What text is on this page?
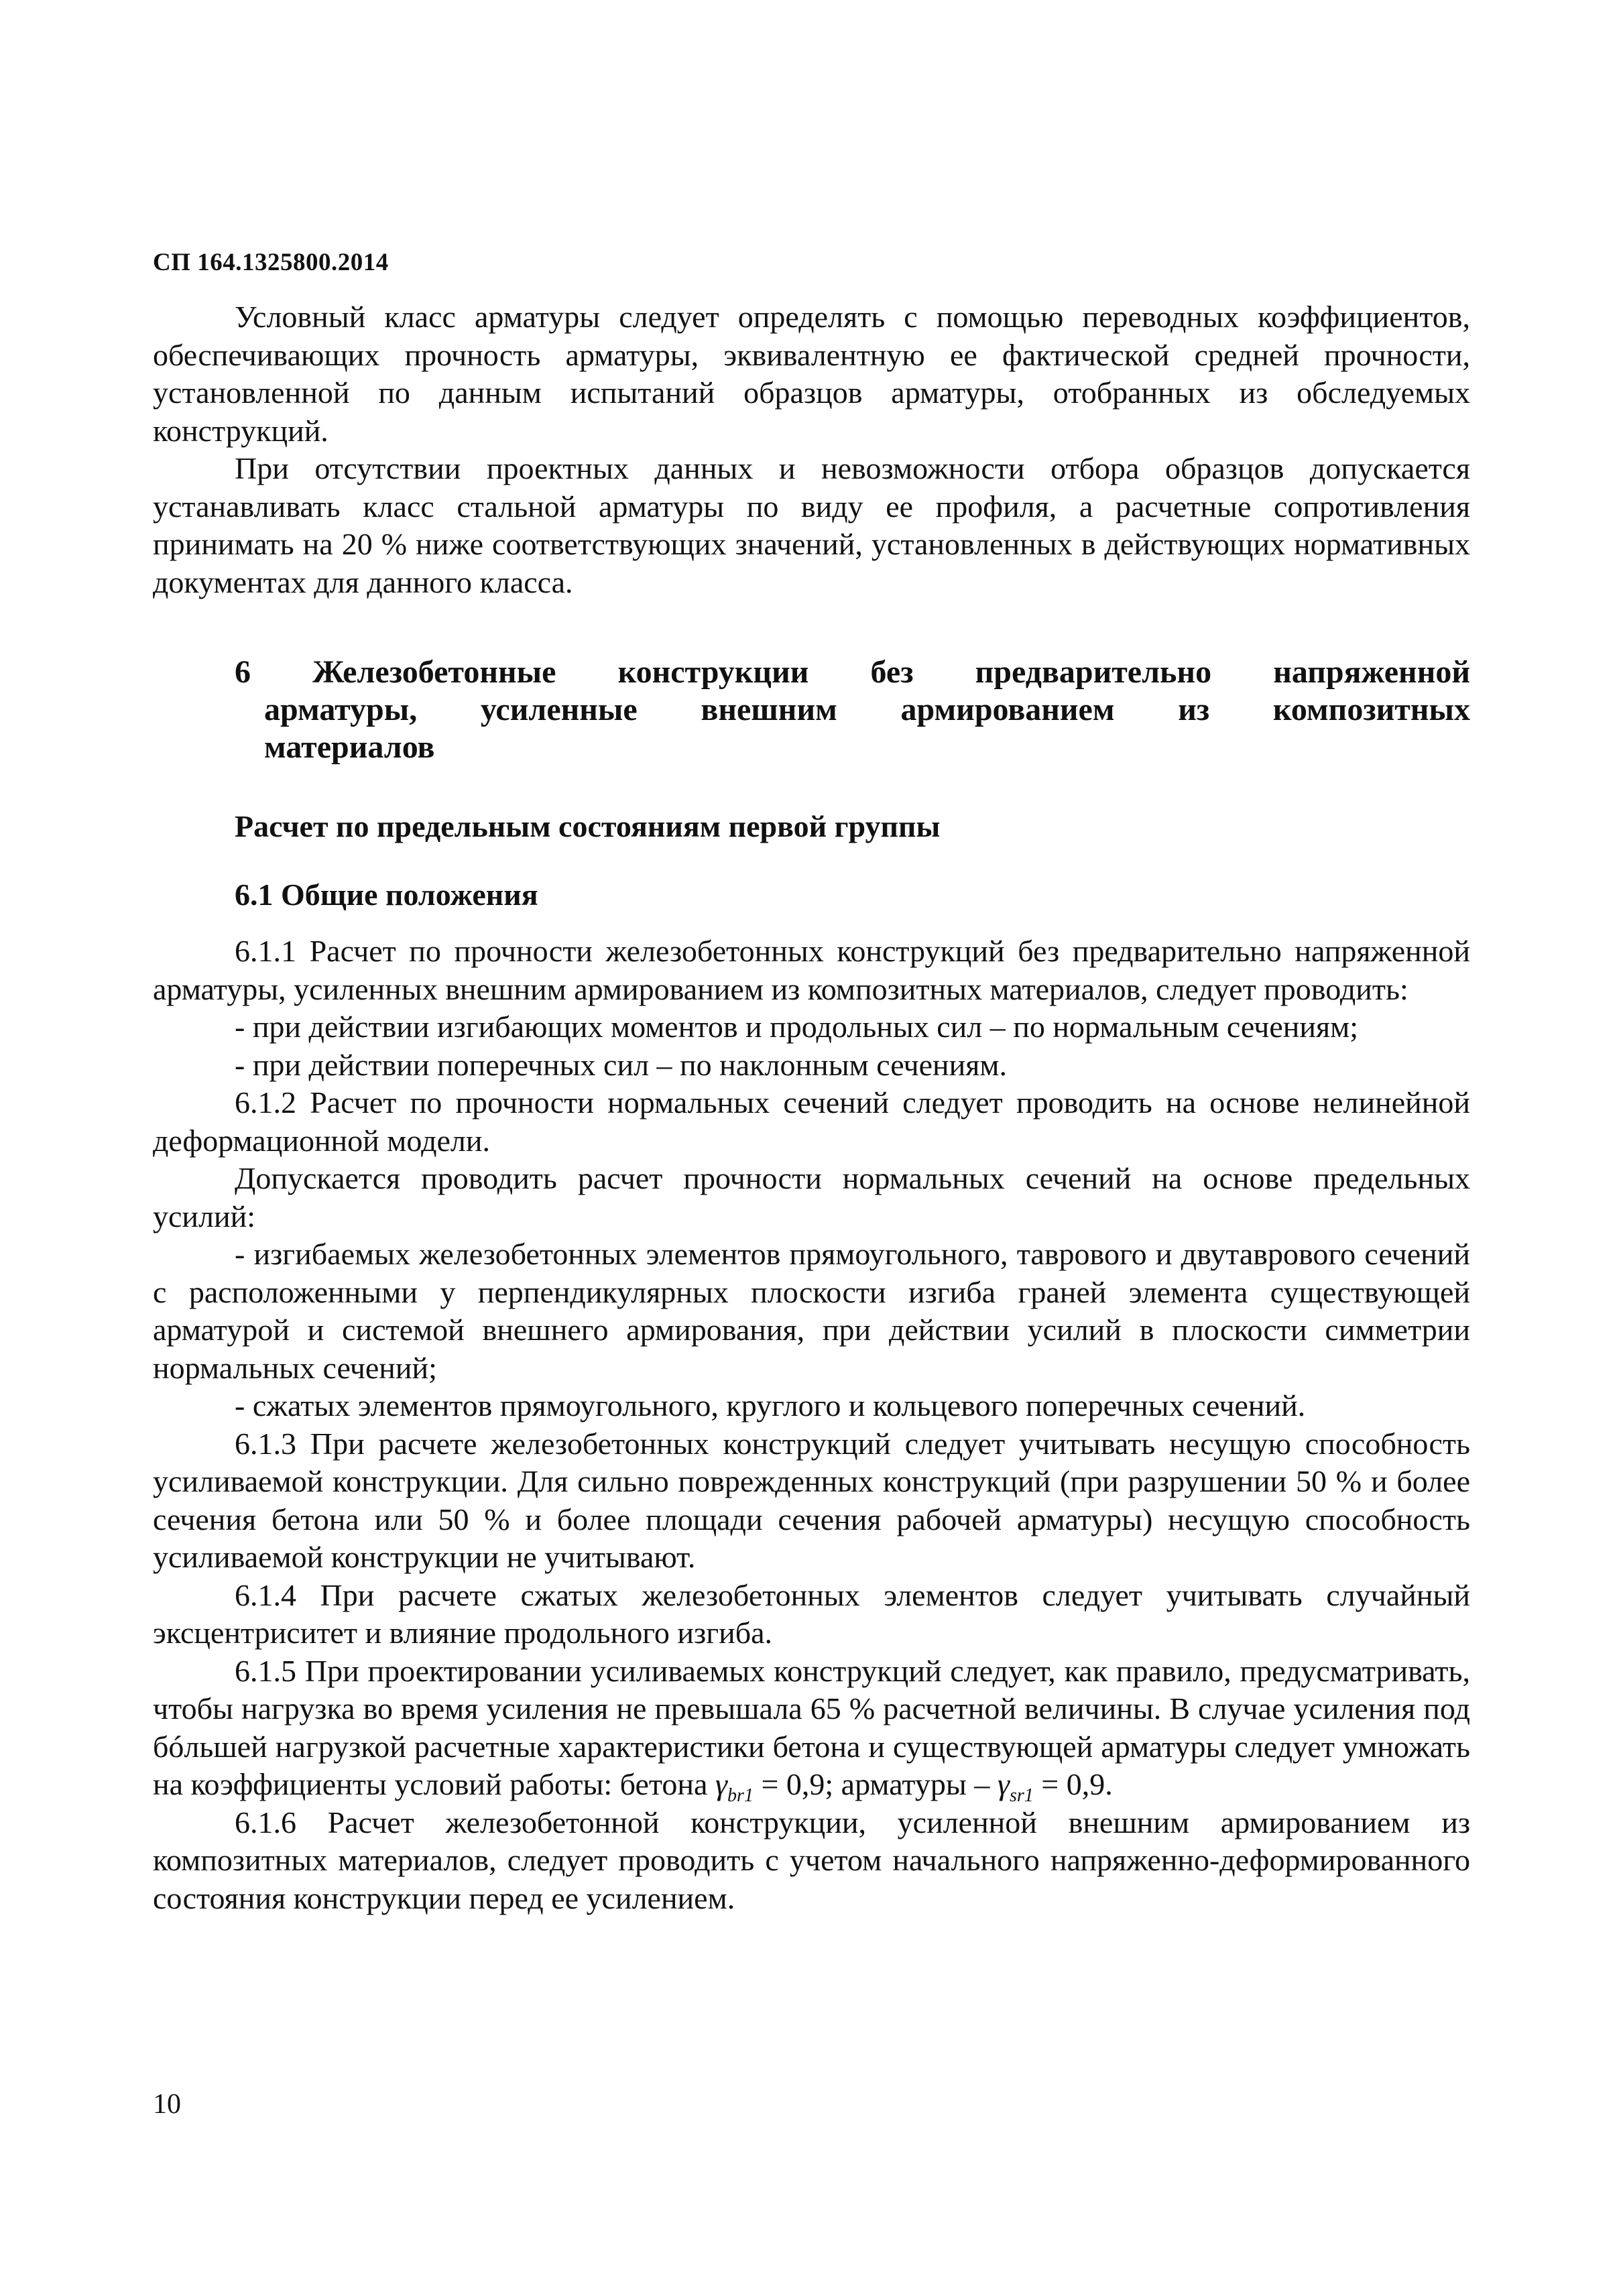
СП 164.1325800.2014

Условный класс арматуры следует определять с помощью переводных коэффициентов, обеспечивающих прочность арматуры, эквивалентную ее фактической средней прочности, установленной по данным испытаний образцов арматуры, отобранных из обследуемых конструкций.

При отсутствии проектных данных и невозможности отбора образцов допускается устанавливать класс стальной арматуры по виду ее профиля, а расчетные сопротивления принимать на 20 % ниже соответствующих значений, установленных в действующих нормативных документах для данного класса.

6 Железобетонные конструкции без предварительно напряженной
арматуры, усиленные внешним армированием из композитных
материалов
Расчет по предельным состояниям первой группы
6.1 Общие положения

6.1.1 Расчет по прочности железобетонных конструкций без предварительно напряженной арматуры, усиленных внешним армированием из композитных материалов, следует проводить:

- при действии изгибающих моментов и продольных сил – по нормальным сечениям;

- при действии поперечных сил – по наклонным сечениям.

6.1.2 Расчет по прочности нормальных сечений следует проводить на основе нелинейной деформационной модели.

Допускается проводить расчет прочности нормальных сечений на основе предельных усилий:

- изгибаемых железобетонных элементов прямоугольного, таврового и двутаврового сечений с расположенными у перпендикулярных плоскости изгиба граней элемента существующей арматурой и системой внешнего армирования, при действии усилий в плоскости симметрии нормальных сечений;

- сжатых элементов прямоугольного, круглого и кольцевого поперечных сечений.

6.1.3 При расчете железобетонных конструкций следует учитывать несущую способность усиливаемой конструкции. Для сильно поврежденных конструкций (при разрушении 50 % и более сечения бетона или 50 % и более площади сечения рабочей арматуры) несущую способность усиливаемой конструкции не учитывают.

6.1.4 При расчете сжатых железобетонных элементов следует учитывать случайный эксцентриситет и влияние продольного изгиба.

6.1.5 При проектировании усиливаемых конструкций следует, как правило, предусматривать, чтобы нагрузка во время усиления не превышала 65 % расчетной величины. В случае усиления под бóльшей нагрузкой расчетные характеристики бетона и существующей арматуры следует умножать на коэффициенты условий работы: бетона $\gamma_{br1} = 0,9$; арматуры – $\gamma_{sr1} = 0,9$.

6.1.6 Расчет железобетонной конструкции, усиленной внешним армированием из композитных материалов, следует проводить с учетом начального напряженно-деформированного состояния конструкции перед ее усилением.

10
